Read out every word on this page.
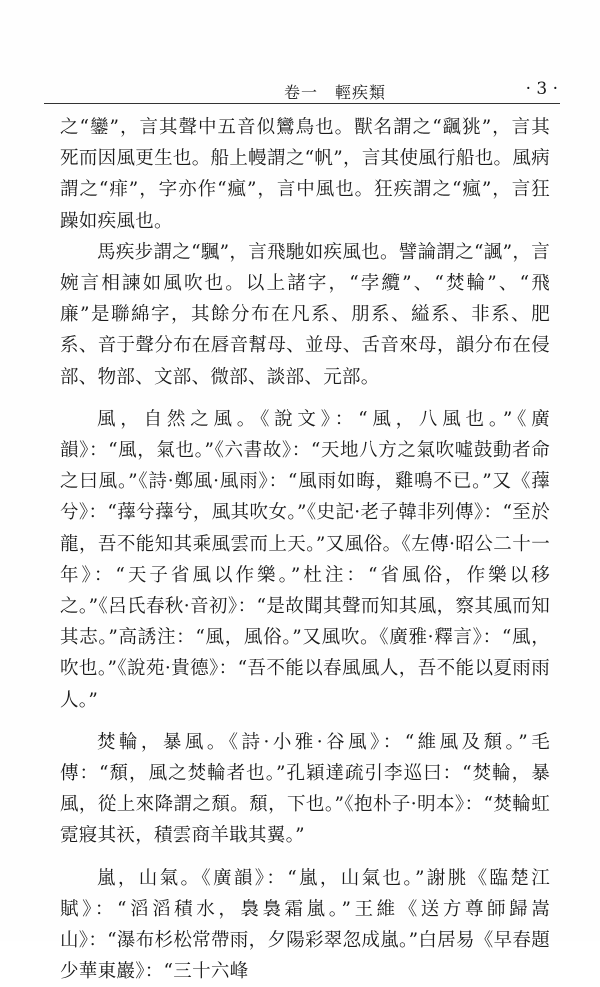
卷一　輕疾類	· 3 ·

之“鑾”，言其聲中五音似鸞鳥也。獸名謂之“颻狣”，言其死而因風更生也。船上幔謂之“帆”，言其使風行船也。風病謂之“痱”，字亦作“瘋”，言中風也。狂疾謂之“瘋”，言狂躁如疾風也。

馬疾步謂之“颿”，言飛馳如疾風也。譬論謂之“諷”，言婉言相諫如風吹也。以上諸字，“孛纜”、“焚輪”、“飛廉”是聯綿字，其餘分布在凡系、朋系、縊系、非系、肥系、音于聲分布在唇音幫母、並母、舌音來母，韻分布在侵部、物部、文部、微部、談部、元部。

風，自然之風。《說文》：“風，八風也。”《廣韻》：“風，氣也。”《六書故》：“天地八方之氣吹噓鼓動者命之曰風。”《詩·鄭風·風雨》：“風雨如晦，雞鳴不已。”又《蘀兮》：“蘀兮蘀兮，風其吹女。”《史記·老子韓非列傳》：“至於龍，吾不能知其乘風雲而上天。”又風俗。《左傳·昭公二十一年》：“天子省風以作樂。”杜注：“省風俗，作樂以移之。”《呂氏春秋·音初》：“是故聞其聲而知其風，察其風而知其志。”高誘注：“風，風俗。”又風吹。《廣雅·釋言》：“風，吹也。”《說苑·貴德》：“吾不能以春風風人，吾不能以夏雨雨人。”

焚輪，暴風。《詩·小雅·谷風》：“維風及頹。”毛傳：“頹，風之焚輪者也。”孔穎達疏引李巡曰：“焚輪，暴風，從上來降謂之頹。頹，下也。”《抱朴子·明本》：“焚輪虹霓寢其祆，積雲商羊戢其翼。”

嵐，山氣。《廣韻》：“嵐，山氣也。”謝朓《臨楚江賦》：“滔滔積水，裊裊霜嵐。”王維《送方尊師歸嵩山》：“瀑布杉松常帶雨，夕陽彩翠忽成嵐。”白居易《早春題少華東巖》：“三十六峰
